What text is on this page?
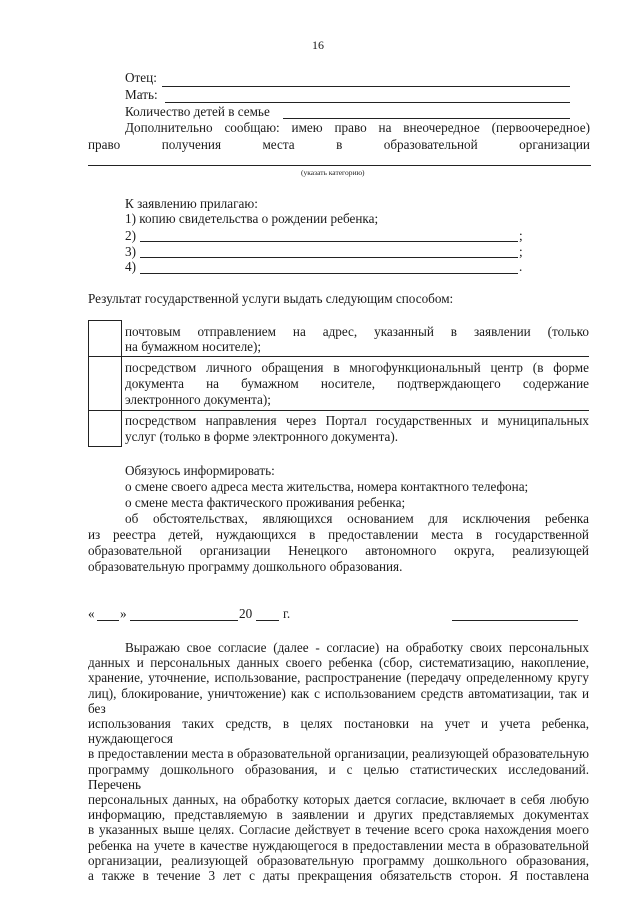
16
Отец:
Мать:
Количество детей в семье
Дополнительно сообщаю: имею право на внеочередное (первоочередное)
право	получения	места	в	образовательной	организации
(указать категорию)
К заявлению прилагаю:
1) копию свидетельства о рождении ребенка;
2)	;
3)	;
4)	.
Результат государственной услуги выдать следующим способом:
почтовым отправлением на адрес, указанный в заявлении (только
на бумажном носителе);
посредством личного обращения в многофункциональный центр (в форме
документа на бумажном носителе, подтверждающего содержание
электронного документа);
посредством направления через Портал государственных и муниципальных
услуг (только в форме электронного документа).
Обязуюсь информировать:
о смене своего адреса места жительства, номера контактного телефона;
о смене места фактического проживания ребенка;
об обстоятельствах, являющихся основанием для исключения ребенка
из реестра детей, нуждающихся в предоставлении места в государственной
образовательной организации Ненецкого автономного округа, реализующей
образовательную программу дошкольного образования.
« »	20 г.
Выражаю свое согласие (далее - согласие) на обработку своих персональных
данных и персональных данных своего ребенка (сбор, систематизацию, накопление,
хранение, уточнение, использование, распространение (передачу определенному кругу
лиц), блокирование, уничтожение) как с использованием средств автоматизации, так и без
использования таких средств, в целях постановки на учет и учета ребенка, нуждающегося
в предоставлении места в образовательной организации, реализующей образовательную
программу дошкольного образования, и с целью статистических исследований. Перечень
персональных данных, на обработку которых дается согласие, включает в себя любую
информацию, представляемую в заявлении и других представляемых документах
в указанных выше целях. Согласие действует в течение всего срока нахождения моего
ребенка на учете в качестве нуждающегося в предоставлении места в образовательной
организации, реализующей образовательную программу дошкольного образования,
а также в течение 3 лет с даты прекращения обязательств сторон. Я поставлена
